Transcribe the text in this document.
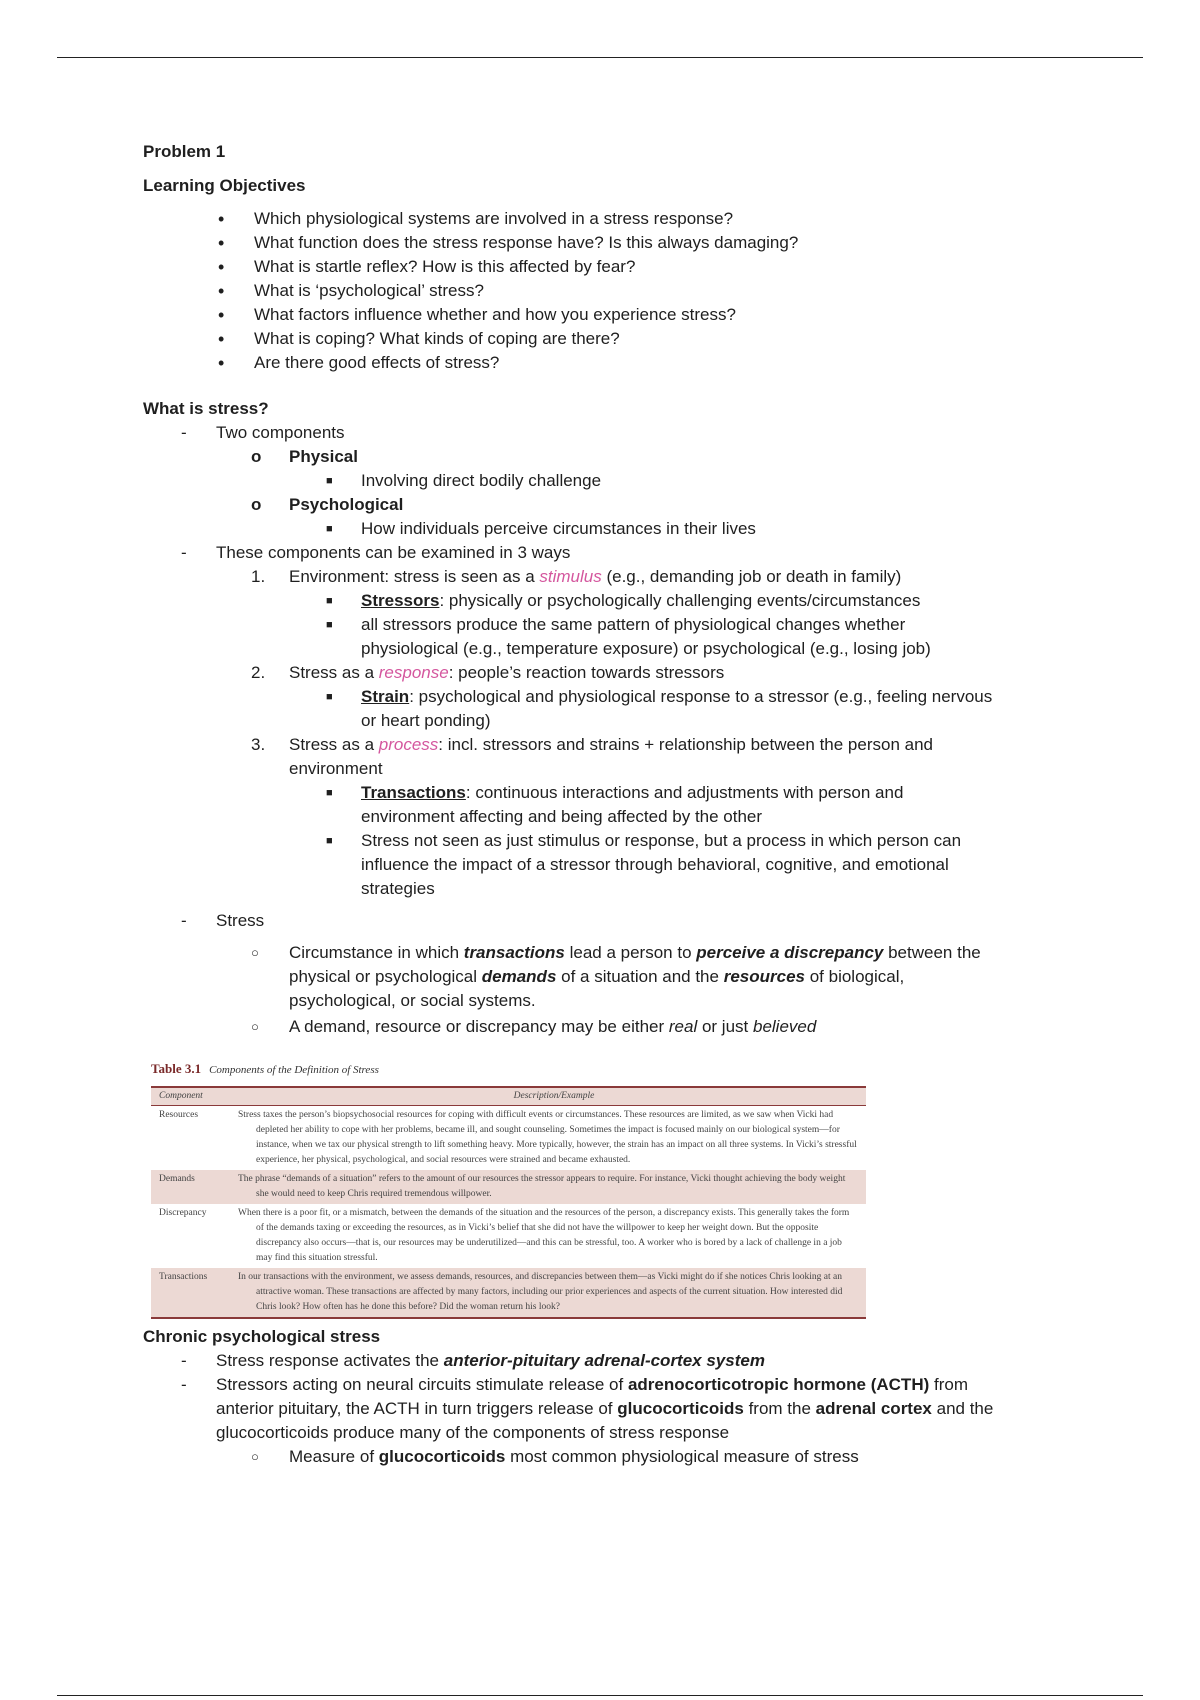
Problem 1

Learning Objectives

• Which physiological systems are involved in a stress response?
• What function does the stress response have? Is this always damaging?
• What is startle reflex? How is this affected by fear?
• What is ‘psychological’ stress?
• What factors influence whether and how you experience stress?
• What is coping? What kinds of coping are there?
• Are there good effects of stress?

What is stress?

- Two components
o Physical
■ Involving direct bodily challenge
o Psychological
■ How individuals perceive circumstances in their lives
- These components can be examined in 3 ways
1. Environment: stress is seen as a stimulus (e.g., demanding job or death in family)
■ Stressors: physically or psychologically challenging events/circumstances
■ all stressors produce the same pattern of physiological changes whether
physiological (e.g., temperature exposure) or psychological (e.g., losing job)
2. Stress as a response: people’s reaction towards stressors
■ Strain: psychological and physiological response to a stressor (e.g., feeling nervous
or heart ponding)
3. Stress as a process: incl. stressors and strains + relationship between the person and
environment
■ Transactions: continuous interactions and adjustments with person and
environment affecting and being affected by the other
■ Stress not seen as just stimulus or response, but a process in which person can
influence the impact of a stressor through behavioral, cognitive, and emotional
strategies
- Stress
○ Circumstance in which transactions lead a person to perceive a discrepancy between the
physical or psychological demands of a situation and the resources of biological,
psychological, or social systems.
○ A demand, resource or discrepancy may be either real or just believed
Table 3.1 Components of the Definition of Stress
Component	Description/Example
Resources	Stress taxes the person’s biopsychosocial resources for coping with difficult events or circumstances. These resources are limited, as we saw when Vicki had depleted her ability to cope with her problems, became ill, and sought counseling. Sometimes the impact is focused mainly on our biological system—for instance, when we tax our physical strength to lift something heavy. More typically, however, the strain has an impact on all three systems. In Vicki’s stressful experience, her physical, psychological, and social resources were strained and became exhausted.
Demands	The phrase “demands of a situation” refers to the amount of our resources the stressor appears to require. For instance, Vicki thought achieving the body weight she would need to keep Chris required tremendous willpower.
Discrepancy	When there is a poor fit, or a mismatch, between the demands of the situation and the resources of the person, a discrepancy exists. This generally takes the form of the demands taxing or exceeding the resources, as in Vicki’s belief that she did not have the willpower to keep her weight down. But the opposite discrepancy also occurs—that is, our resources may be underutilized—and this can be stressful, too. A worker who is bored by a lack of challenge in a job may find this situation stressful.
Transactions	In our transactions with the environment, we assess demands, resources, and discrepancies between them—as Vicki might do if she notices Chris looking at an attractive woman. These transactions are affected by many factors, including our prior experiences and aspects of the current situation. How interested did Chris look? How often has he done this before? Did the woman return his look?

Chronic psychological stress

- Stress response activates the anterior-pituitary adrenal-cortex system
- Stressors acting on neural circuits stimulate release of adrenocorticotropic hormone (ACTH) from
anterior pituitary, the ACTH in turn triggers release of glucocorticoids from the adrenal cortex and the
glucocorticoids produce many of the components of stress response
○ Measure of glucocorticoids most common physiological measure of stress
